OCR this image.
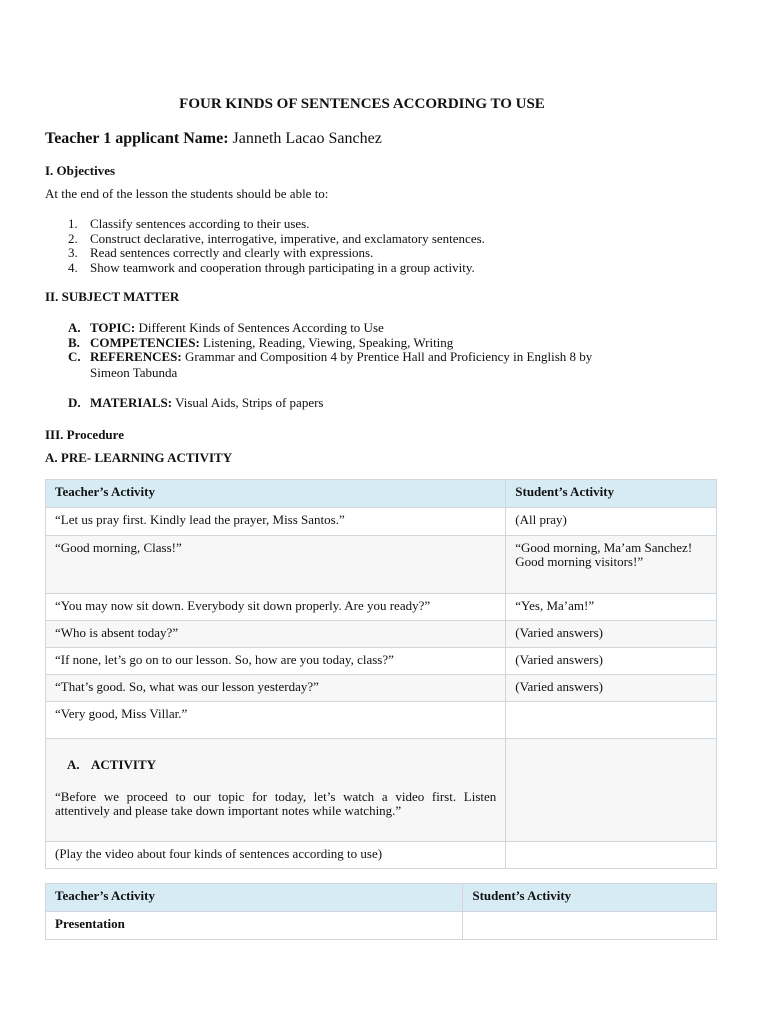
FOUR KINDS OF SENTENCES ACCORDING TO USE
Teacher 1 applicant Name: Janneth Lacao Sanchez
I. Objectives
At the end of the lesson the students should be able to:
1. Classify sentences according to their uses.
2. Construct declarative, interrogative, imperative, and exclamatory sentences.
3. Read sentences correctly and clearly with expressions.
4. Show teamwork and cooperation through participating in a group activity.
II. SUBJECT MATTER
A. TOPIC: Different Kinds of Sentences According to Use
B. COMPETENCIES: Listening, Reading, Viewing, Speaking, Writing
C. REFERENCES: Grammar and Composition 4 by Prentice Hall and Proficiency in English 8 by
Simeon Tabunda
D. MATERIALS: Visual Aids, Strips of papers
III. Procedure
A. PRE- LEARNING ACTIVITY
Teacher’s Activity	Student’s Activity
“Let us pray first. Kindly lead the prayer, Miss Santos.”	(All pray)
“Good morning, Class!”	“Good morning, Ma’am Sanchez! Good morning visitors!”
“You may now sit down. Everybody sit down properly. Are you ready?”	“Yes, Ma’am!”
“Who is absent today?”	(Varied answers)
“If none, let’s go on to our lesson. So, how are you today, class?”	(Varied answers)
“That’s good. So, what was our lesson yesterday?”	(Varied answers)
“Very good, Miss Villar.”	

A. ACTIVITY
“Before we proceed to our topic for today, let’s watch a video first. Listen attentively and please take down important notes while watching.”	

(Play the video about four kinds of sentences according to use)	
Teacher’s Activity	Student’s Activity
Presentation	
